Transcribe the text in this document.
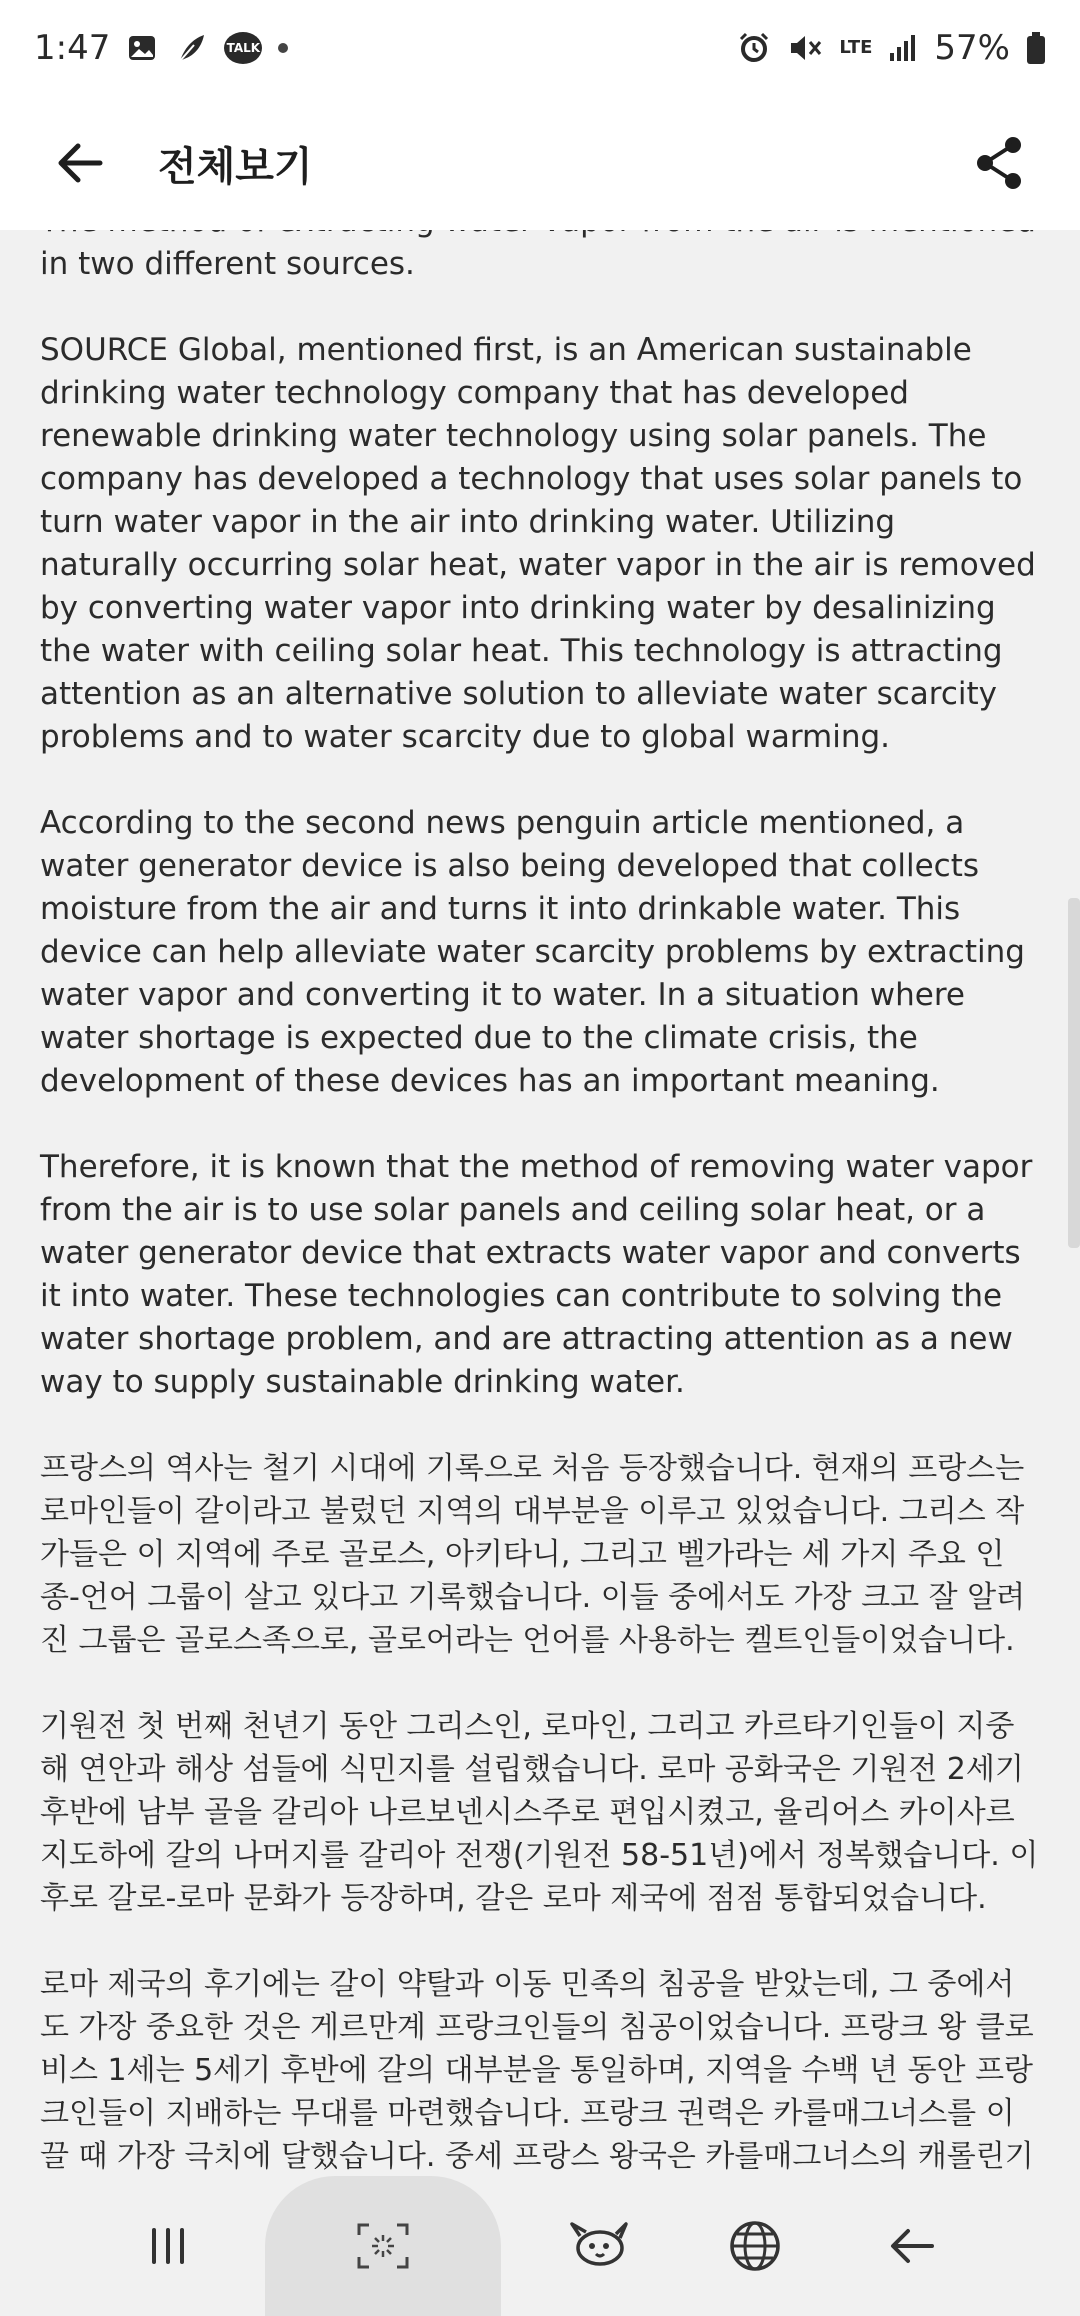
1:47	TALK	LTE 57%
전체보기

in two different sources.

SOURCE Global, mentioned first, is an American sustainable drinking water technology company that has developed renewable drinking water technology using solar panels. The company has developed a technology that uses solar panels to turn water vapor in the air into drinking water. Utilizing naturally occurring solar heat, water vapor in the air is removed by converting water vapor into drinking water by desalinizing the water with ceiling solar heat. This technology is attracting attention as an alternative solution to alleviate water scarcity problems and to water scarcity due to global warming.

According to the second news penguin article mentioned, a water generator device is also being developed that collects moisture from the air and turns it into drinkable water. This device can help alleviate water scarcity problems by extracting water vapor and converting it to water. In a situation where water shortage is expected due to the climate crisis, the development of these devices has an important meaning.

Therefore, it is known that the method of removing water vapor from the air is to use solar panels and ceiling solar heat, or a water generator device that extracts water vapor and converts it into water. These technologies can contribute to solving the water shortage problem, and are attracting attention as a new way to supply sustainable drinking water.

프랑스의 역사는 철기 시대에 기록으로 처음 등장했습니다. 현재의 프랑스는 로마인들이 갈이라고 불렀던 지역의 대부분을 이루고 있었습니다. 그리스 작가들은 이 지역에 주로 골로스, 아키타니, 그리고 벨가라는 세 가지 주요 인종-언어 그룹이 살고 있다고 기록했습니다. 이들 중에서도 가장 크고 잘 알려진 그룹은 골로스족으로, 골로어라는 언어를 사용하는 켈트인들이었습니다.

기원전 첫 번째 천년기 동안 그리스인, 로마인, 그리고 카르타기인들이 지중해 연안과 해상 섬들에 식민지를 설립했습니다. 로마 공화국은 기원전 2세기 후반에 남부 골을 갈리아 나르보넨시스주로 편입시켰고, 율리어스 카이사르 지도하에 갈의 나머지를 갈리아 전쟁(기원전 58-51년)에서 정복했습니다. 이후로 갈로-로마 문화가 등장하며, 갈은 로마 제국에 점점 통합되었습니다.

로마 제국의 후기에는 갈이 약탈과 이동 민족의 침공을 받았는데, 그 중에서도 가장 중요한 것은 게르만계 프랑크인들의 침공이었습니다. 프랑크 왕 클로비스 1세는 5세기 후반에 갈의 대부분을 통일하며, 지역을 수백 년 동안 프랑크인들이 지배하는 무대를 마련했습니다. 프랑크 권력은 카를매그너스를 이끌 때 가장 극치에 달했습니다. 중세 프랑스 왕국은 카를매그너스의 캐롤린기
